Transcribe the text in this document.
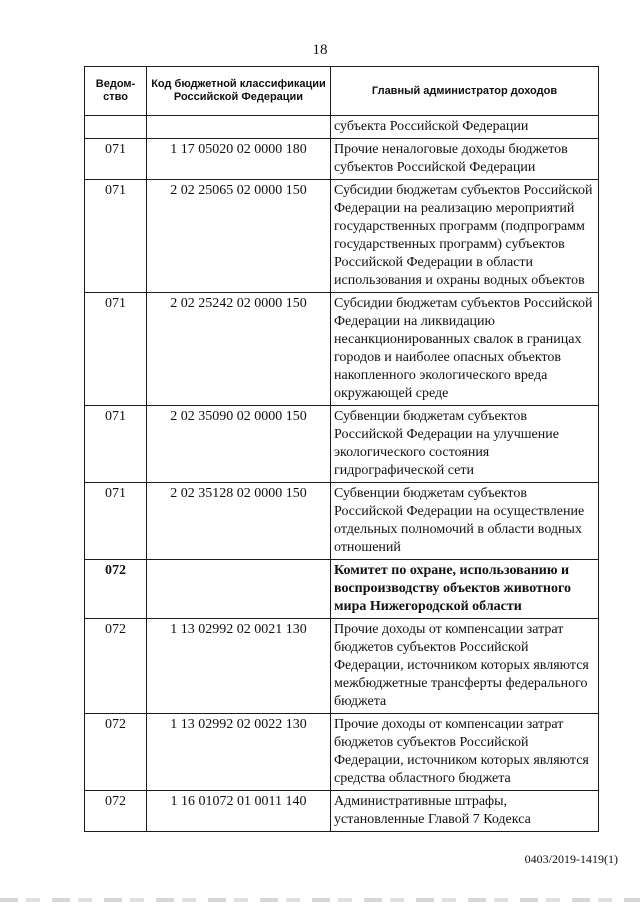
18
Ведом-ство	Код бюджетной классификации Российской Федерации	Главный администратор доходов
		субъекта Российской Федерации
071	1 17 05020 02 0000 180	Прочие неналоговые доходы бюджетов субъектов Российской Федерации
071	2 02 25065 02 0000 150	Субсидии бюджетам субъектов Российской Федерации на реализацию мероприятий государственных программ (подпрограмм государственных программ) субъектов Российской Федерации в области использования и охраны водных объектов
071	2 02 25242 02 0000 150	Субсидии бюджетам субъектов Российской Федерации на ликвидацию несанкционированных свалок в границах городов и наиболее опасных объектов накопленного экологического вреда окружающей среде
071	2 02 35090 02 0000 150	Субвенции бюджетам субъектов Российской Федерации на улучшение экологического состояния гидрографической сети
071	2 02 35128 02 0000 150	Субвенции бюджетам субъектов Российской Федерации на осуществление отдельных полномочий в области водных отношений
072		Комитет по охране, использованию и воспроизводству объектов животного мира Нижегородской области
072	1 13 02992 02 0021 130	Прочие доходы от компенсации затрат бюджетов субъектов Российской Федерации, источником которых являются межбюджетные трансферты федерального бюджета
072	1 13 02992 02 0022 130	Прочие доходы от компенсации затрат бюджетов субъектов Российской Федерации, источником которых являются средства областного бюджета
072	1 16 01072 01 0011 140	Административные штрафы, установленные Главой 7 Кодекса
0403/2019-1419(1)
